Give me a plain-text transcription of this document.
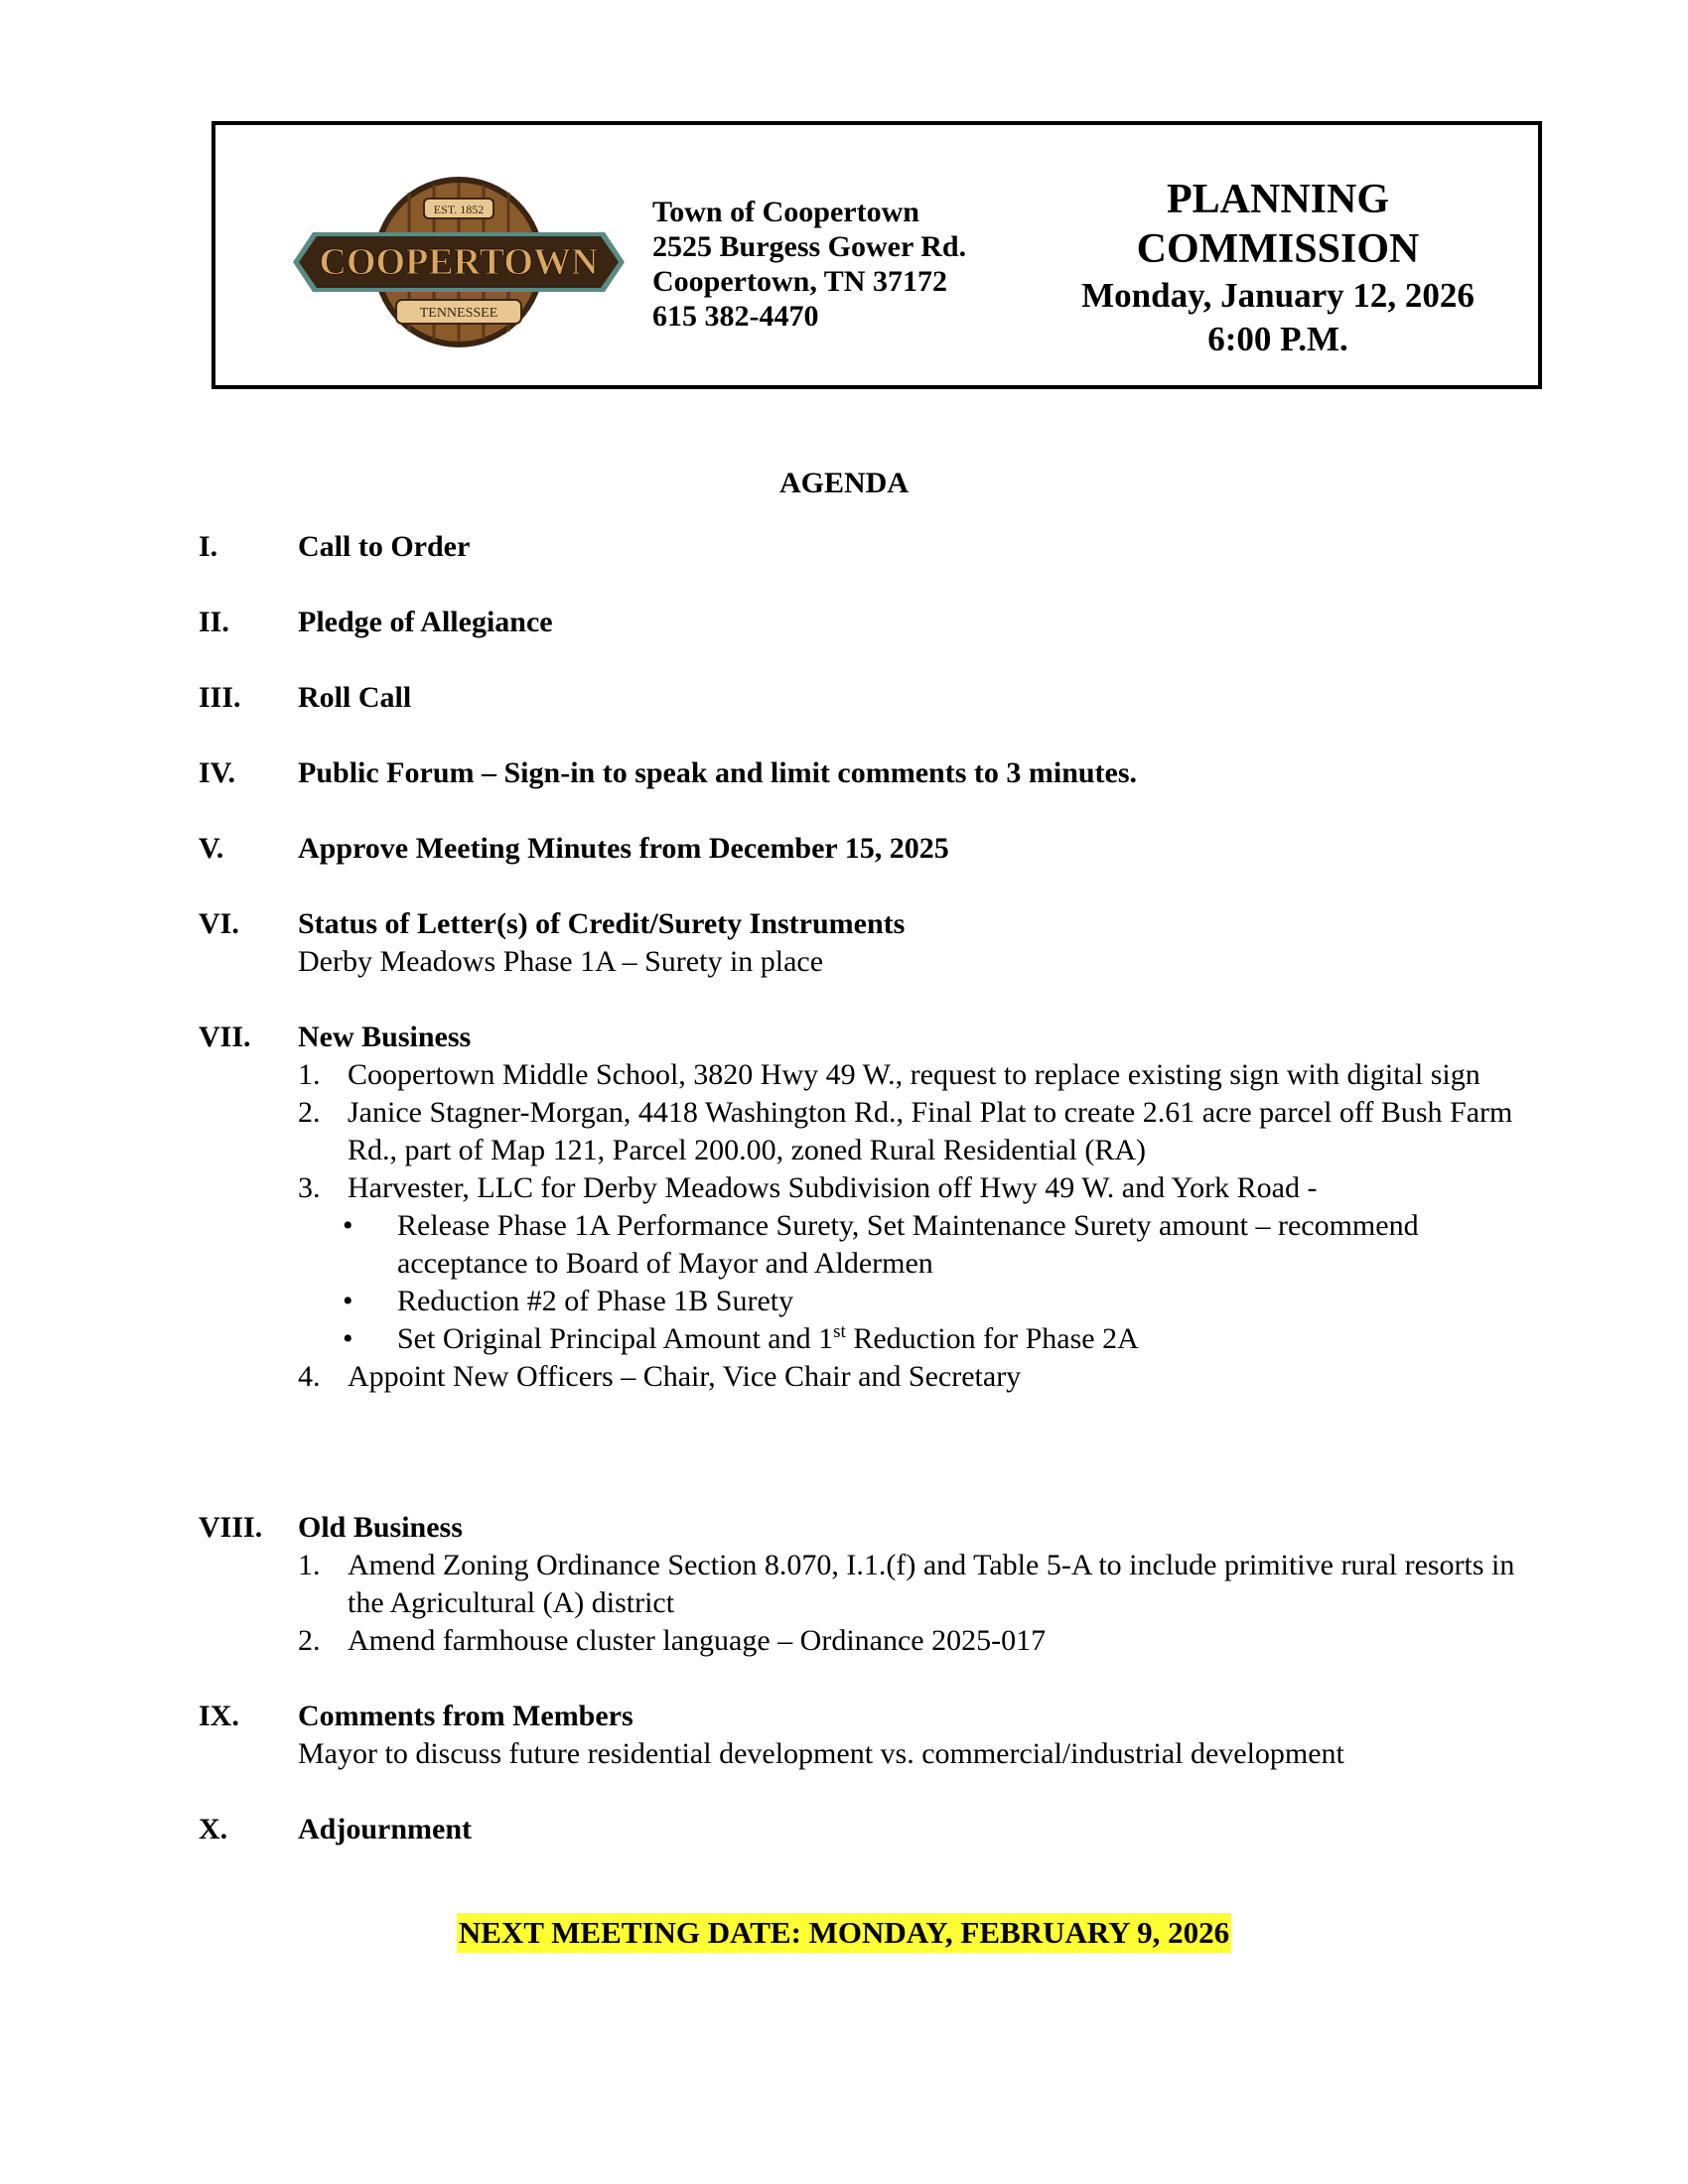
EST. 1852
COOPERTOWN
TENNESSEE
Town of Coopertown
2525 Burgess Gower Rd.
Coopertown, TN 37172
615 382-4470
PLANNING
COMMISSION
Monday, January 12, 2026
6:00 P.M.
AGENDA
I.	Call to Order
II. Pledge of Allegiance
III. Roll Call
IV. Public Forum – Sign-in to speak and limit comments to 3 minutes.
V. Approve Meeting Minutes from December 15, 2025
VI. Status of Letter(s) of Credit/Surety Instruments
Derby Meadows Phase 1A – Surety in place
VII. New Business
1. Coopertown Middle School, 3820 Hwy 49 W., request to replace existing sign with digital sign
2. Janice Stagner-Morgan, 4418 Washington Rd., Final Plat to create 2.61 acre parcel off Bush Farm Rd., part of Map 121, Parcel 200.00, zoned Rural Residential (RA)
3. Harvester, LLC for Derby Meadows Subdivision off Hwy 49 W. and York Road -
• Release Phase 1A Performance Surety, Set Maintenance Surety amount – recommend acceptance to Board of Mayor and Aldermen
• Reduction #2 of Phase 1B Surety
• Set Original Principal Amount and 1st Reduction for Phase 2A
4. Appoint New Officers – Chair, Vice Chair and Secretary
VIII. Old Business
1. Amend Zoning Ordinance Section 8.070, I.1.(f) and Table 5-A to include primitive rural resorts in the Agricultural (A) district
2. Amend farmhouse cluster language – Ordinance 2025-017
IX. Comments from Members
Mayor to discuss future residential development vs. commercial/industrial development
X. Adjournment
NEXT MEETING DATE: MONDAY, FEBRUARY 9, 2026
